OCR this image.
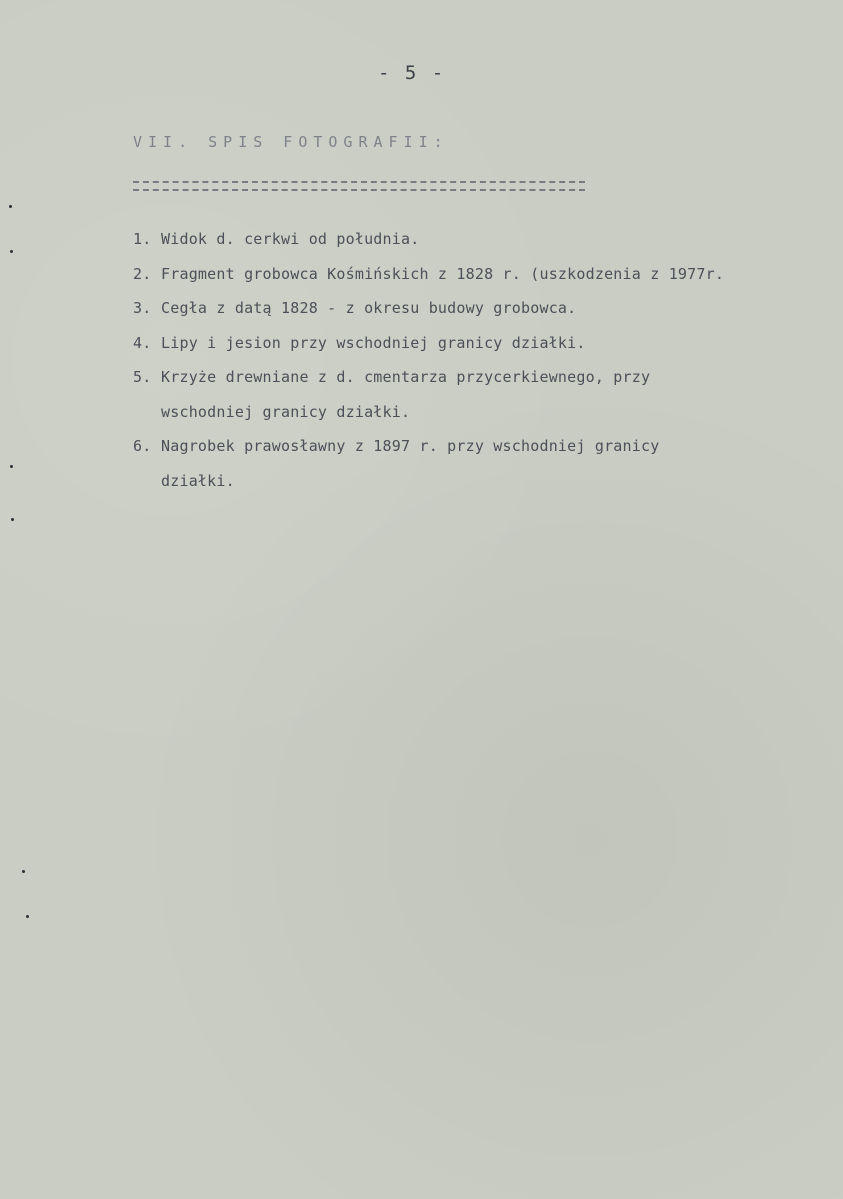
- 5 -
VII. SPIS FOTOGRAFII:
1. Widok d. cerkwi od południa.
2. Fragment grobowca Kośmińskich z 1828 r. (uszkodzenia z 1977r.
3. Cegła z datą 1828 - z okresu budowy grobowca.
4. Lipy i jesion przy wschodniej granicy działki.
5. Krzyże drewniane z d. cmentarza przycerkiewnego, przy
wschodniej granicy działki.
6. Nagrobek prawosławny z 1897 r. przy wschodniej granicy
działki.
